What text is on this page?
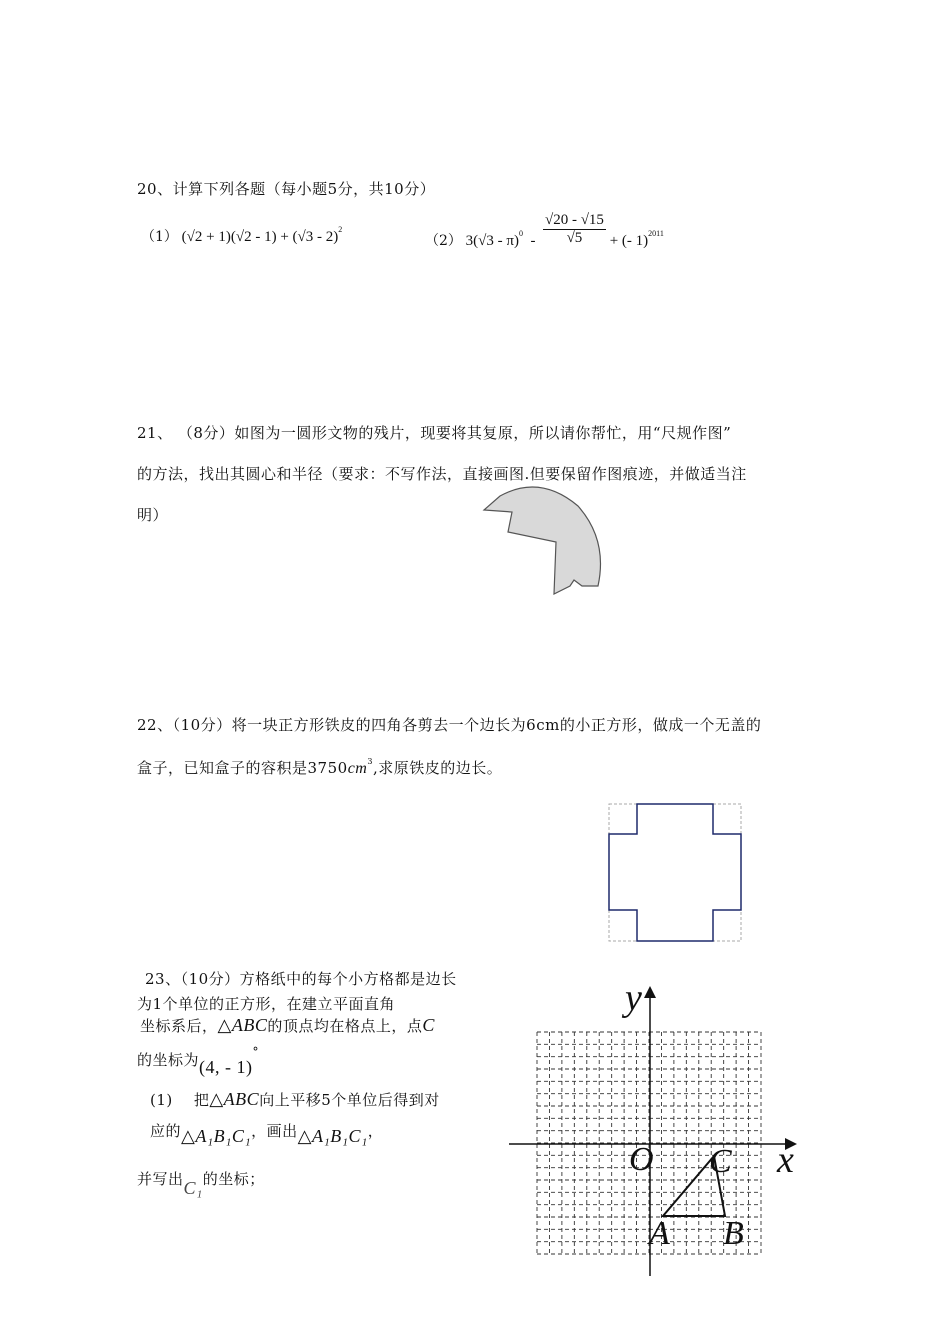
20、计算下列各题（每小题5分，共10分）
（1） (√2 + 1)(√2 - 1) + (√3 - 2)$^2$
（2） $3(√3 - \pi)^0 - \frac{√20 - √15}{√5}$ + (- 1)$^{2011}$
21、 （8分）如图为一圆形文物的残片，现要将其复原，所以请你帮忙，用“尺规作图”
的方法，找出其圆心和半径（要求：不写作法，直接画图.但要保留作图痕迹，并做适当注
明）
22、（10分）将一块正方形铁皮的四角各剪去一个边长为6cm的小正方形，做成一个无盖的
盒子，已知盒子的容积是$3750cm^3$,求原铁皮的边长。
23、（10分）方格纸中的每个小方格都是边长
为1个单位的正方形，在建立平面直角
坐标系后，△ABC的顶点均在格点上，点C
的坐标为(4, - 1)°
(1) 把△ABC向上平移5个单位后得到对
应的△A₁B₁C₁，画出△A₁B₁C₁，
并写出C₁的坐标；
y
x
O
A B
C
